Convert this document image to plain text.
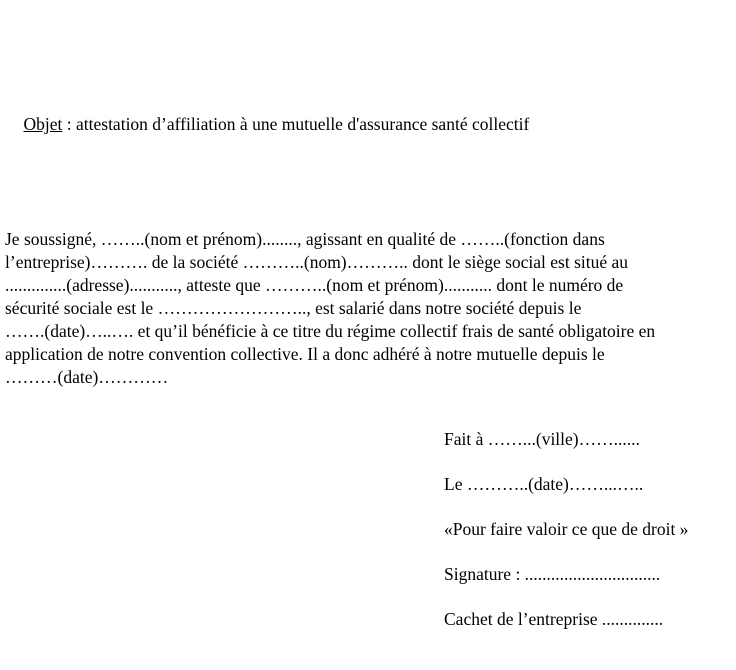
Objet : attestation d’affiliation à une mutuelle d'assurance santé collectif

Je soussigné, ……..(nom et prénom)........, agissant en qualité de ……..(fonction dans
l’entreprise)………. de la société ………..(nom)……….. dont le siège social est situé au
..............(adresse)..........., atteste que ………..(nom et prénom)........... dont le numéro de
sécurité sociale est le …………………….., est salarié dans notre société depuis le
…….(date)…..…. et qu’il bénéficie à ce titre du régime collectif frais de santé obligatoire en
application de notre convention collective. Il a donc adhéré à notre mutuelle depuis le
………(date)…………
Fait à ……...(ville)……......
Le ………..(date)……...…..
«Pour faire valoir ce que de droit »
Signature : ...............................
Cachet de l’entreprise ..............
